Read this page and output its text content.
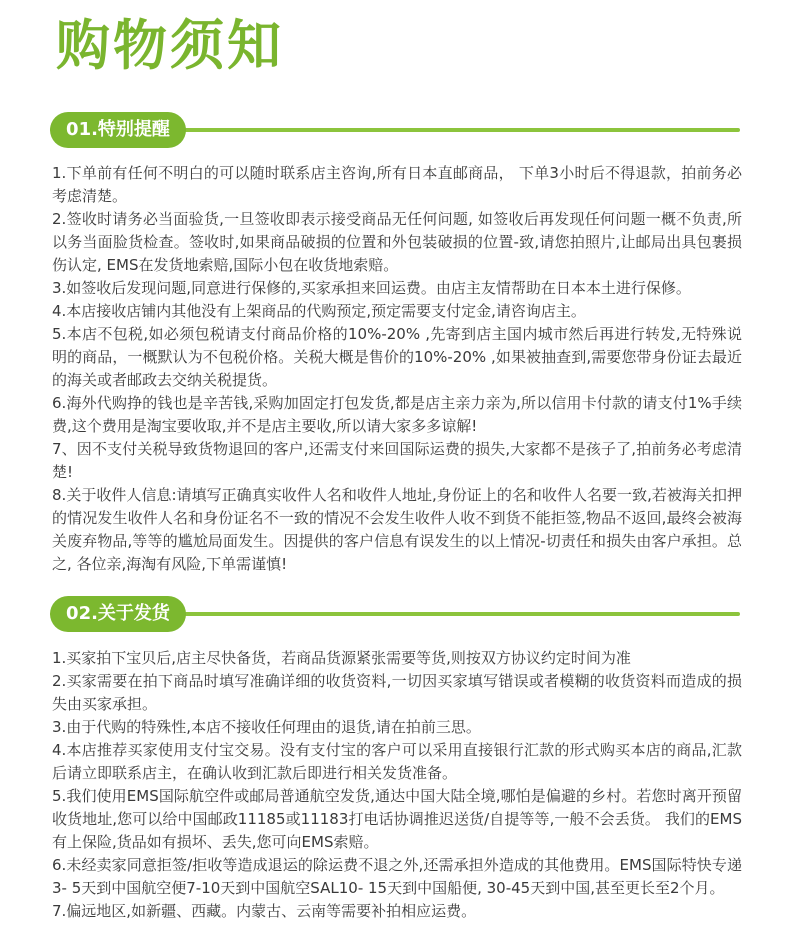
购物须知
01.特别提醒

1.下单前有任何不明白的可以随时联系店主咨询,所有日本直邮商品， 下单3小时后不得退款，拍前务必考虑清楚。

2.签收时请务必当面验货,一旦签收即表示接受商品无任何问题, 如签收后再发现任何问题一概不负责,所以务当面脸货检查。签收时,如果商品破损的位置和外包装破损的位置-致,请您拍照片,让邮局出具包裹损伤认定, EMS在发货地索赔,国际小包在收货地索赔。

3.如签收后发现问题,同意进行保修的,买家承担来回运费。由店主友情帮助在日本本土进行保修。

4.本店接收店铺内其他没有上架商品的代购预定,预定需要支付定金,请咨询店主。

5.本店不包税,如必须包税请支付商品价格的10%-20% ,先寄到店主国内城市然后再进行转发,无特殊说明的商品，一概默认为不包税价格。关税大概是售价的10%-20% ,如果被抽查到,需要您带身份证去最近的海关或者邮政去交纳关税提货。

6.海外代购挣的钱也是辛苦钱,采购加固定打包发货,都是店主亲力亲为,所以信用卡付款的请支付1%手续费,这个费用是淘宝要收取,并不是店主要收,所以请大家多多谅解!

7、因不支付关税导致货物退回的客户,还需支付来回国际运费的损失,大家都不是孩子了,拍前务必考虑清楚!

8.关于收件人信息:请填写正确真实收件人名和收件人地址,身份证上的名和收件人名要一致,若被海关扣押的情况发生收件人名和身份证名不一致的情况不会发生收件人收不到货不能拒签,物品不返回,最终会被海关废弃物品,等等的尴尬局面发生。因提供的客户信息有误发生的以上情况-切责任和损失由客户承担。总之, 各位亲,海淘有风险,下单需谨慎!

02.关于发货

1.买家拍下宝贝后,店主尽快备货，若商品货源紧张需要等货,则按双方协议约定时间为准

2.买家需要在拍下商品时填写准确详细的收货资料,一切因买家填写错误或者模糊的收货资料而造成的损失由买家承担。

3.由于代购的特殊性,本店不接收任何理由的退货,请在拍前三思。

4.本店推荐买家使用支付宝交易。没有支付宝的客户可以采用直接银行汇款的形式购买本店的商品,汇款后请立即联系店主，在确认收到汇款后即进行相关发货准备。

5.我们使用EMS国际航空件或邮局普通航空发货,通达中国大陆全境,哪怕是偏避的乡村。若您时离开预留收货地址,您可以给中国邮政11185或11183打电话协调推迟送货/自提等等,一般不会丢货。 我们的EMS有上保险,货品如有损坏、丢失,您可向EMS索赔。

6.未经卖家同意拒签/拒收等造成退运的除运费不退之外,还需承担外造成的其他费用。EMS国际特快专递3- 5天到中国航空便7-10天到中国航空SAL10- 15天到中国船便, 30-45天到中国,甚至更长至2个月。

7.偏远地区,如新疆、西藏。内蒙古、云南等需要补拍相应运费。
